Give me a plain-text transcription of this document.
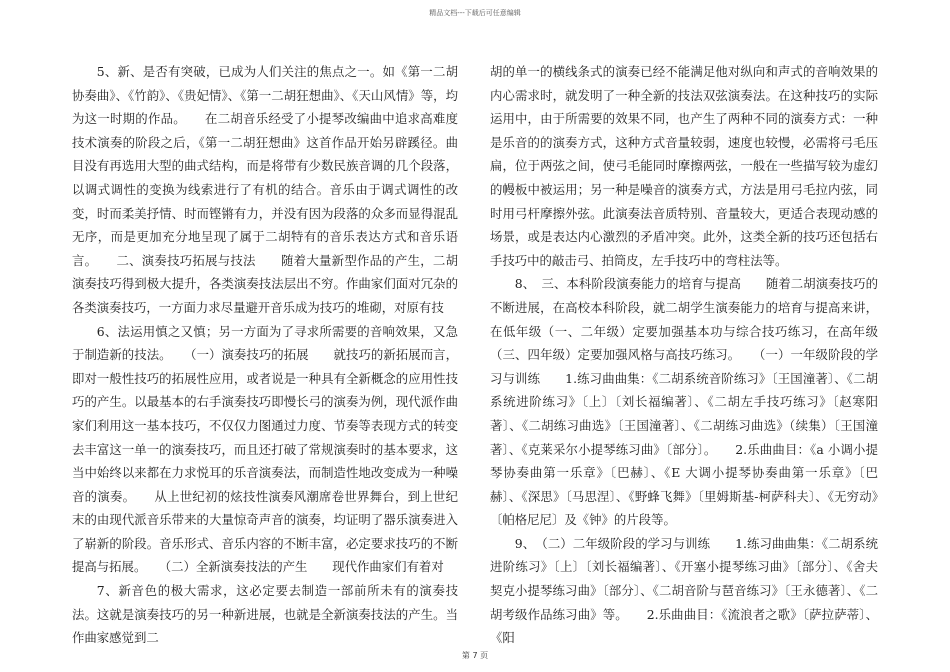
精品文档---下载后可任意编辑

5、新、是否有突破，已成为人们关注的焦点之一。如《第一二胡协奏曲》、《竹韵》、《贵妃情》、《第一二胡狂想曲》、《天山风情》等，均为这一时期的作品。　　在二胡音乐经受了小提琴改编曲中追求高难度技术演奏的阶段之后，《第一二胡狂想曲》这首作品开始另辟蹊径。曲目没有再选用大型的曲式结构，而是将带有少数民族音调的几个段落，以调式调性的变换为线索进行了有机的结合。音乐由于调式调性的改变，时而柔美抒情、时而铿锵有力，并没有因为段落的众多而显得混乱无序，而是更加充分地呈现了属于二胡特有的音乐表达方式和音乐语言。　　二、演奏技巧拓展与技法　　随着大量新型作品的产生，二胡演奏技巧得到极大提升，各类演奏技法层出不穷。作曲家们面对冗杂的各类演奏技巧，一方面力求尽量避开音乐成为技巧的堆砌，对原有技

6、法运用慎之又慎；另一方面为了寻求所需要的音响效果，又急于制造新的技法。　　（一）演奏技巧的拓展　　就技巧的新拓展而言，即对一般性技巧的拓展性应用，或者说是一种具有全新概念的应用性技巧的产生。以最基本的右手演奏技巧即慢长弓的演奏为例，现代派作曲家们利用这一基本技巧，不仅仅力图通过力度、节奏等表现方式的转变去丰富这一单一的演奏技巧，而且还打破了常规演奏时的基本要求，这当中始终以来都在力求悦耳的乐音演奏法，而制造性地改变成为一种噪音的演奏。　　从上世纪初的炫技性演奏风潮席卷世界舞台，到上世纪末的由现代派音乐带来的大量惊奇声音的演奏，均证明了器乐演奏进入了崭新的阶段。音乐形式、音乐内容的不断丰富，必定要求技巧的不断提高与拓展。　　（二）全新演奏技法的产生　　现代作曲家们有着对

7、新音色的极大需求，这必定要去制造一部前所未有的演奏技法。这就是演奏技巧的另一种新进展，也就是全新演奏技法的产生。当作曲家感觉到二

胡的单一的横线条式的演奏已经不能满足他对纵向和声式的音响效果的内心需求时，就发明了一种全新的技法双弦演奏法。在这种技巧的实际运用中，由于所需要的效果不同，也产生了两种不同的演奏方式：一种是乐音的的演奏方式，这种方式音量较弱，速度也较慢，必需将弓毛压扁，位于两弦之间，使弓毛能同时摩擦两弦，一般在一些描写较为虚幻的幔板中被运用；另一种是噪音的演奏方式，方法是用弓毛拉内弦，同时用弓杆摩擦外弦。此演奏法音质特别、音量较大，更适合表现动感的场景，或是表达内心激烈的矛盾冲突。此外，这类全新的技巧还包括右手技巧中的敲击弓、拍筒皮，左手技巧中的弯柱法等。

8、　三、本科阶段演奏能力的培育与提高　　随着二胡演奏技巧的不断进展，在高校本科阶段，就二胡学生演奏能力的培育与提高来讲，在低年级（一、二年级）定要加强基本功与综合技巧练习，在高年级（三、四年级）定要加强风格与高技巧练习。　　（一）一年级阶段的学习与训练　　1.练习曲曲集：《二胡系统音阶练习》〔王国潼著〕、《二胡系统进阶练习》〔上〕〔刘长福编著〕、《二胡左手技巧练习》〔赵寒阳著〕、《二胡练习曲选》〔王国潼著〕、《二胡练习曲选》（续集）〔王国潼著〕、《克莱采尔小提琴练习曲》〔部分〕。　　2.乐曲曲目：《a 小调小提琴协奏曲第一乐章》〔巴赫〕、《E 大调小提琴协奏曲第一乐章》〔巴赫〕、《深思》〔马思涅〕、《野蜂飞舞》〔里姆斯基-柯萨科夫〕、《无穷动》〔帕格尼尼〕及《钟》的片段等。

9、　（二）二年级阶段的学习与训练　　1.练习曲曲集：《二胡系统进阶练习》〔上〕〔刘长福编著〕、《开塞小提琴练习曲》〔部分〕、《舍夫契克小提琴练习曲》〔部分〕、《二胡音阶与琶音练习》〔王永德著〕、《二胡考级作品练习曲》等。　　2.乐曲曲目：《流浪者之歌》〔萨拉萨蒂〕、《阳

第 7 页
